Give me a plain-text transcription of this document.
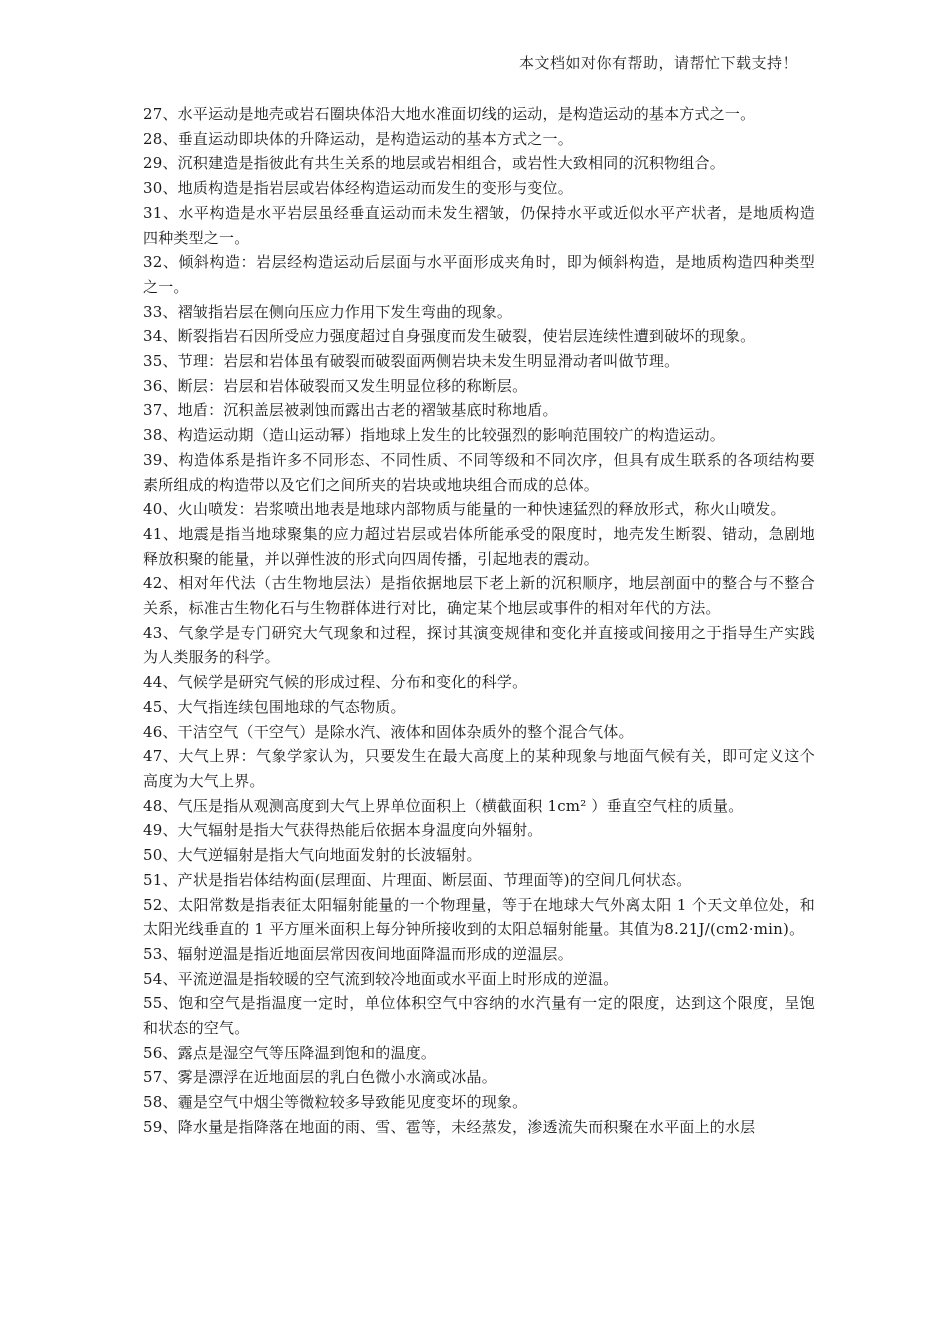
本文档如对你有帮助，请帮忙下载支持！

27、水平运动是地壳或岩石圈块体沿大地水准面切线的运动，是构造运动的基本方式之一。

28、垂直运动即块体的升降运动，是构造运动的基本方式之一。

29、沉积建造是指彼此有共生关系的地层或岩相组合，或岩性大致相同的沉积物组合。

30、地质构造是指岩层或岩体经构造运动而发生的变形与变位。

31、水平构造是水平岩层虽经垂直运动而未发生褶皱，仍保持水平或近似水平产状者，是地质构造四种类型之一。

32、倾斜构造：岩层经构造运动后层面与水平面形成夹角时，即为倾斜构造，是地质构造四种类型之一。

33、褶皱指岩层在侧向压应力作用下发生弯曲的现象。

34、断裂指岩石因所受应力强度超过自身强度而发生破裂，使岩层连续性遭到破坏的现象。

35、节理：岩层和岩体虽有破裂而破裂面两侧岩块未发生明显滑动者叫做节理。

36、断层：岩层和岩体破裂而又发生明显位移的称断层。

37、地盾：沉积盖层被剥蚀而露出古老的褶皱基底时称地盾。

38、构造运动期（造山运动幂）指地球上发生的比较强烈的影响范围较广的构造运动。

39、构造体系是指许多不同形态、不同性质、不同等级和不同次序，但具有成生联系的各项结构要素所组成的构造带以及它们之间所夹的岩块或地块组合而成的总体。

40、火山喷发：岩浆喷出地表是地球内部物质与能量的一种快速猛烈的释放形式，称火山喷发。

41、地震是指当地球聚集的应力超过岩层或岩体所能承受的限度时，地壳发生断裂、错动，急剧地释放积聚的能量，并以弹性波的形式向四周传播，引起地表的震动。

42、相对年代法（古生物地层法）是指依据地层下老上新的沉积顺序，地层剖面中的整合与不整合关系，标准古生物化石与生物群体进行对比，确定某个地层或事件的相对年代的方法。

43、气象学是专门研究大气现象和过程，探讨其演变规律和变化并直接或间接用之于指导生产实践为人类服务的科学。

44、气候学是研究气候的形成过程、分布和变化的科学。

45、大气指连续包围地球的气态物质。

46、干洁空气（干空气）是除水汽、液体和固体杂质外的整个混合气体。

47、大气上界：气象学家认为，只要发生在最大高度上的某种现象与地面气候有关，即可定义这个高度为大气上界。

48、气压是指从观测高度到大气上界单位面积上（横截面积 1cm² ）垂直空气柱的质量。

49、大气辐射是指大气获得热能后依据本身温度向外辐射。

50、大气逆辐射是指大气向地面发射的长波辐射。

51、产状是指岩体结构面(层理面、片理面、断层面、节理面等)的空间几何状态。

52、太阳常数是指表征太阳辐射能量的一个物理量，等于在地球大气外离太阳 1 个天文单位处，和太阳光线垂直的 1 平方厘米面积上每分钟所接收到的太阳总辐射能量。其值为8.21J/(cm2·min)。

53、辐射逆温是指近地面层常因夜间地面降温而形成的逆温层。

54、平流逆温是指较暖的空气流到较冷地面或水平面上时形成的逆温。

55、饱和空气是指温度一定时，单位体积空气中容纳的水汽量有一定的限度，达到这个限度，呈饱和状态的空气。

56、露点是湿空气等压降温到饱和的温度。

57、雾是漂浮在近地面层的乳白色微小水滴或冰晶。

58、霾是空气中烟尘等微粒较多导致能见度变坏的现象。

59、降水量是指降落在地面的雨、雪、雹等，未经蒸发，渗透流失而积聚在水平面上的水层
